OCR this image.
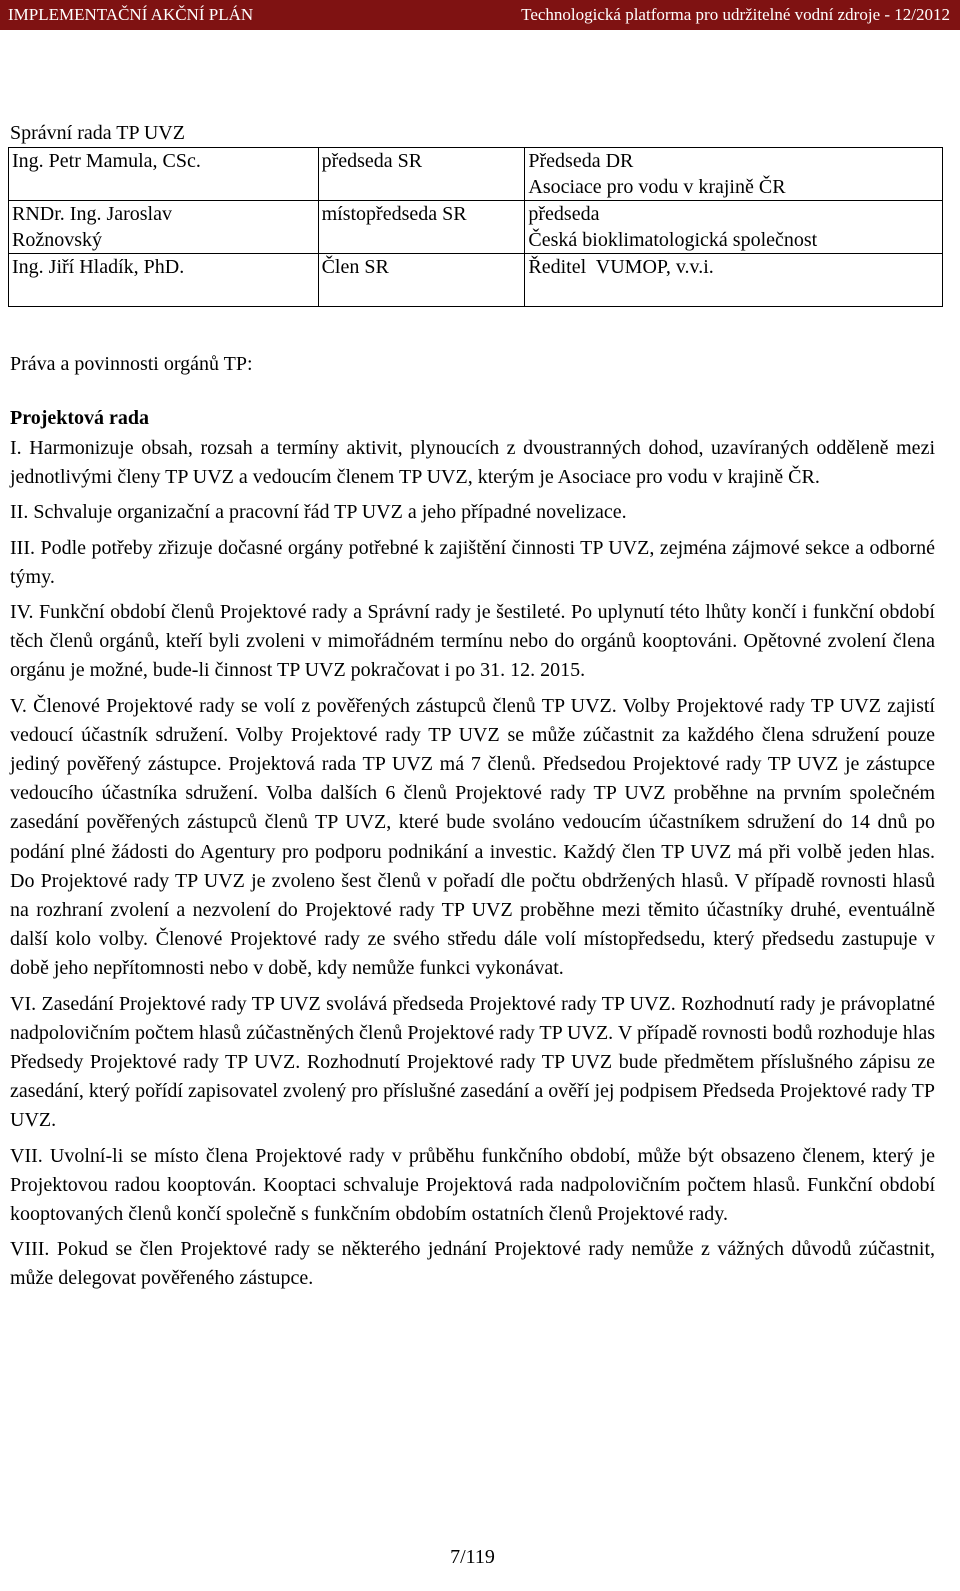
IMPLEMENTAČNÍ AKČNÍ PLÁN	Technologická platforma pro udržitelné vodní zdroje - 12/2012
Správní rada TP UVZ
Ing. Petr Mamula, CSc.	předseda SR	Předseda DR
Asociace pro vodu v krajině ČR

RNDr. Ing. Jaroslav
Rožnovský	místopředseda SR	předseda
Česká bioklimatologická společnost

Ing. Jiří Hladík, PhD.	Člen SR	Ředitel  VUMOP, v.v.i.
Práva a povinnosti orgánů TP:
Projektová rada

I. Harmonizuje obsah, rozsah a termíny aktivit, plynoucích z dvoustranných dohod, uzavíraných odděleně mezi jednotlivými členy TP UVZ a vedoucím členem TP UVZ, kterým je Asociace pro vodu v krajině ČR.

II. Schvaluje organizační a pracovní řád TP UVZ a jeho případné novelizace.

III. Podle potřeby zřizuje dočasné orgány potřebné k zajištění činnosti TP UVZ, zejména zájmové sekce a odborné týmy.

IV. Funkční období členů Projektové rady a Správní rady je šestileté. Po uplynutí této lhůty končí i funkční období těch členů orgánů, kteří byli zvoleni v mimořádném termínu nebo do orgánů kooptováni. Opětovné zvolení člena orgánu je možné, bude-li činnost TP UVZ pokračovat i po 31. 12. 2015.

V. Členové Projektové rady se volí z pověřených zástupců členů TP UVZ. Volby Projektové rady TP UVZ zajistí vedoucí účastník sdružení. Volby Projektové rady TP UVZ se může zúčastnit za každého člena sdružení pouze jediný pověřený zástupce. Projektová rada TP UVZ má 7 členů. Předsedou Projektové rady TP UVZ je zástupce vedoucího účastníka sdružení. Volba dalších 6 členů Projektové rady TP UVZ proběhne na prvním společném zasedání pověřených zástupců členů TP UVZ, které bude svoláno vedoucím účastníkem sdružení do 14 dnů po podání plné žádosti do Agentury pro podporu podnikání a investic. Každý člen TP UVZ má při volbě jeden hlas. Do Projektové rady TP UVZ je zvoleno šest členů v pořadí dle počtu obdržených hlasů. V případě rovnosti hlasů na rozhraní zvolení a nezvolení do Projektové rady TP UVZ proběhne mezi těmito účastníky druhé, eventuálně další kolo volby. Členové Projektové rady ze svého středu dále volí místopředsedu, který předsedu zastupuje v době jeho nepřítomnosti nebo v době, kdy nemůže funkci vykonávat.

VI. Zasedání Projektové rady TP UVZ svolává předseda Projektové rady TP UVZ. Rozhodnutí rady je právoplatné nadpolovičním počtem hlasů zúčastněných členů Projektové rady TP UVZ. V případě rovnosti bodů rozhoduje hlas Předsedy Projektové rady TP UVZ. Rozhodnutí Projektové rady TP UVZ bude předmětem příslušného zápisu ze zasedání, který pořídí zapisovatel zvolený pro příslušné zasedání a ověří jej podpisem Předseda Projektové rady TP UVZ.

VII. Uvolní-li se místo člena Projektové rady v průběhu funkčního období, může být obsazeno členem, který je Projektovou radou kooptován. Kooptaci schvaluje Projektová rada nadpolovičním počtem hlasů. Funkční období kooptovaných členů končí společně s funkčním obdobím ostatních členů Projektové rady.

VIII. Pokud se člen Projektové rady se některého jednání Projektové rady nemůže z vážných důvodů zúčastnit, může delegovat pověřeného zástupce.

7/119
